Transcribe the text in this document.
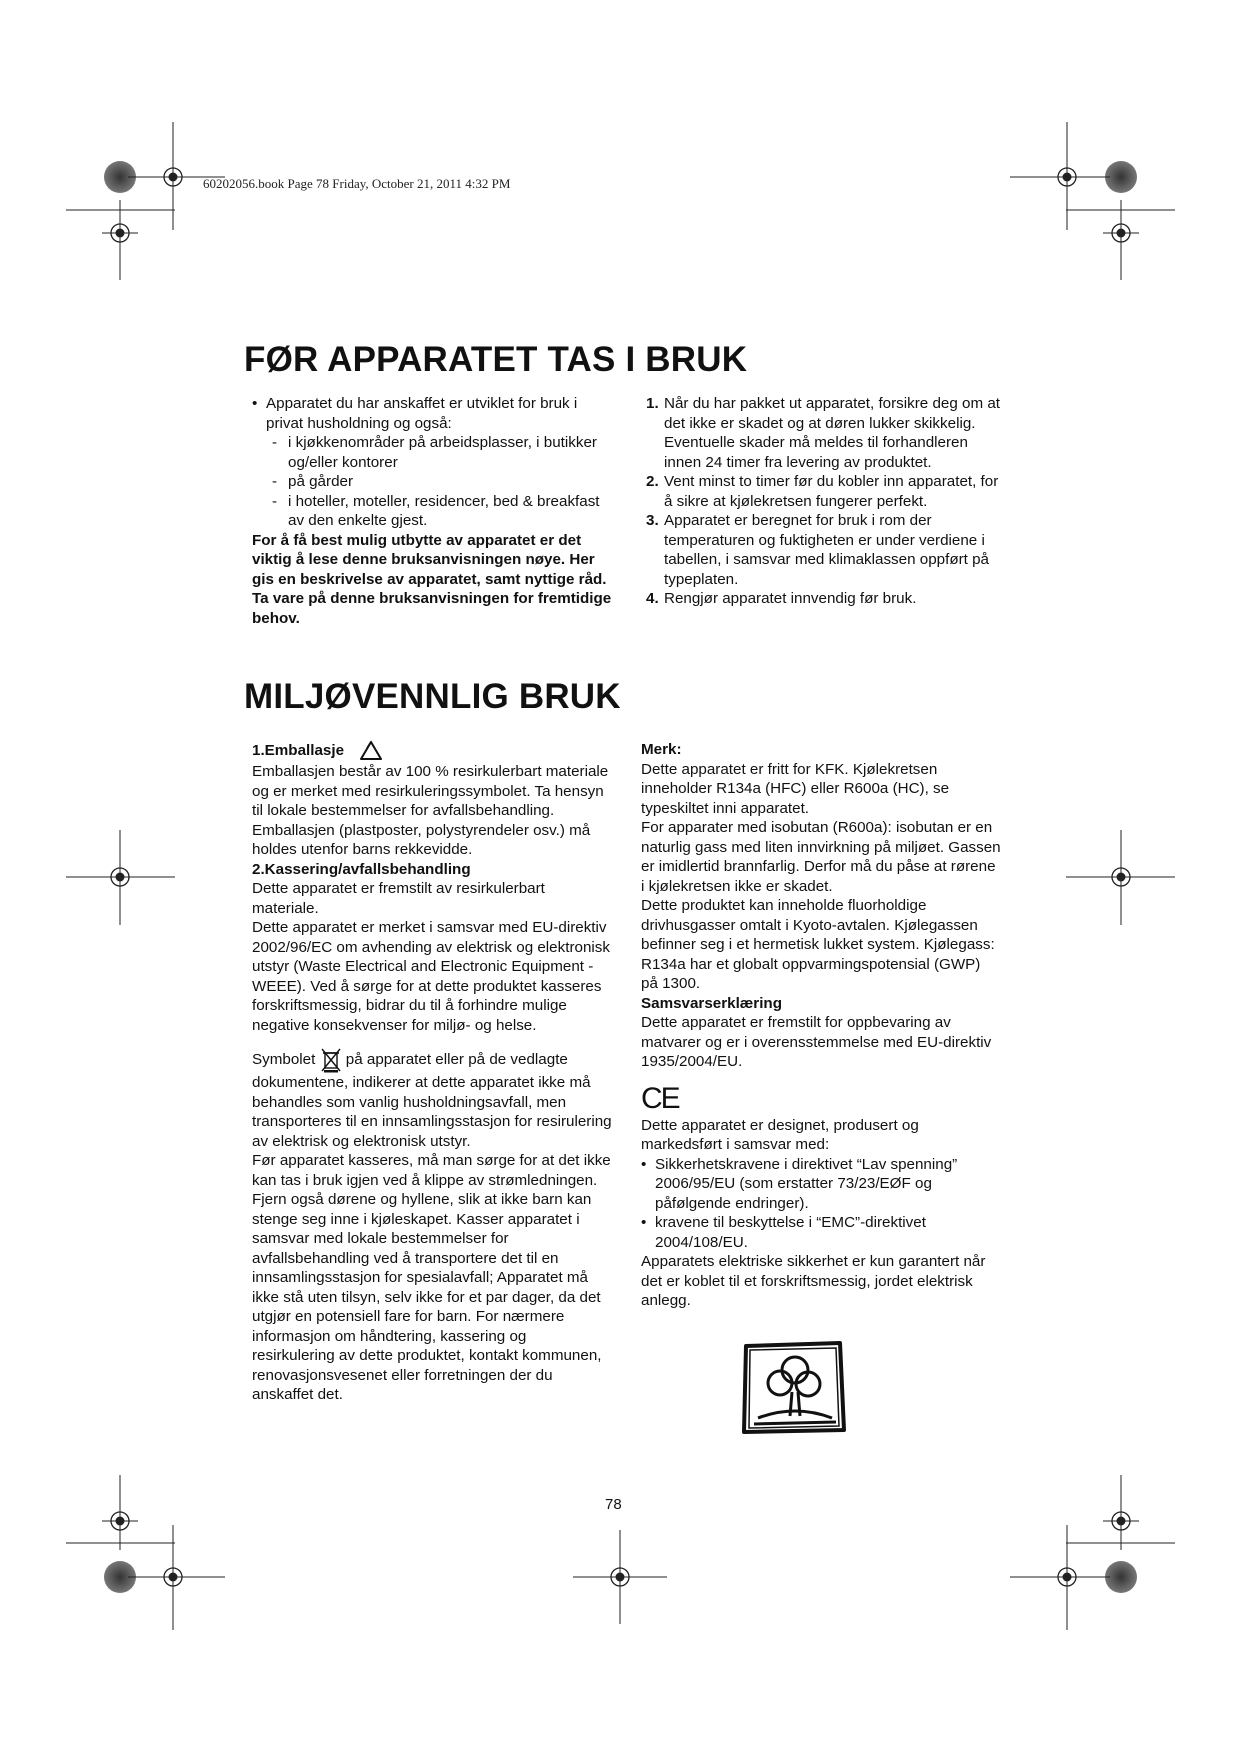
60202056.book Page 78 Friday, October 21, 2011 4:32 PM
FØR APPARATET TAS I BRUK
• Apparatet du har anskaffet er utviklet for bruk i privat husholdning og også:
- i kjøkkenområder på arbeidsplasser, i butikker og/eller kontorer
- på gårder
- i hoteller, moteller, residencer, bed & breakfast av den enkelte gjest.

For å få best mulig utbytte av apparatet er det viktig å lese denne bruksanvisningen nøye. Her gis en beskrivelse av apparatet, samt nyttige råd.

Ta vare på denne bruksanvisningen for fremtidige behov.

1. Når du har pakket ut apparatet, forsikre deg om at det ikke er skadet og at døren lukker skikkelig. Eventuelle skader må meldes til forhandleren innen 24 timer fra levering av produktet.
2. Vent minst to timer før du kobler inn apparatet, for å sikre at kjølekretsen fungerer perfekt.
3. Apparatet er beregnet for bruk i rom der temperaturen og fuktigheten er under verdiene i tabellen, i samsvar med klimaklassen oppført på typeplaten.
4. Rengjør apparatet innvendig før bruk.
MILJØVENNLIG BRUK

1.Emballasje

Emballasjen består av 100 % resirkulerbart materiale

og er merket med resirkuleringssymbolet. Ta hensyn til lokale bestemmelser for avfallsbehandling.

Emballasjen (plastposter, polystyrendeler osv.) må holdes utenfor barns rekkevidde.

2.Kassering/avfallsbehandling

Dette apparatet er fremstilt av resirkulerbart materiale.

Dette apparatet er merket i samsvar med EU-direktiv 2002/96/EC om avhending av elektrisk og elektronisk utstyr (Waste Electrical and Electronic Equipment - WEEE). Ved å sørge for at dette produktet kasseres forskriftsmessig, bidrar du til å forhindre mulige negative konsekvenser for miljø- og helse.

Symbolet på apparatet eller på de vedlagte dokumentene, indikerer at dette apparatet ikke må behandles som vanlig husholdningsavfall, men transporteres til en innsamlingsstasjon for resirulering av elektrisk og elektronisk utstyr.

Før apparatet kasseres, må man sørge for at det ikke kan tas i bruk igjen ved å klippe av strømledningen. Fjern også dørene og hyllene, slik at ikke barn kan stenge seg inne i kjøleskapet. Kasser apparatet i samsvar med lokale bestemmelser for avfallsbehandling ved å transportere det til en innsamlingsstasjon for spesialavfall; Apparatet må ikke stå uten tilsyn, selv ikke for et par dager, da det utgjør en potensiell fare for barn. For nærmere informasjon om håndtering, kassering og resirkulering av dette produktet, kontakt kommunen, renovasjonsvesenet eller forretningen der du anskaffet det.

Merk:

Dette apparatet er fritt for KFK. Kjølekretsen inneholder R134a (HFC) eller R600a (HC), se typeskiltet inni apparatet.

For apparater med isobutan (R600a): isobutan er en naturlig gass med liten innvirkning på miljøet. Gassen er imidlertid brannfarlig. Derfor må du påse at rørene i kjølekretsen ikke er skadet.

Dette produktet kan inneholde fluorholdige drivhusgasser omtalt i Kyoto-avtalen. Kjølegassen befinner seg i et hermetisk lukket system. Kjølegass: R134a har et globalt oppvarmingspotensial (GWP) på 1300.

Samsvarserklæring

Dette apparatet er fremstilt for oppbevaring av matvarer og er i overensstemmelse med EU-direktiv 1935/2004/EU.

CE

Dette apparatet er designet, produsert og markedsført i samsvar med:

• Sikkerhetskravene i direktivet “Lav spenning” 2006/95/EU (som erstatter 73/23/EØF og påfølgende endringer).
• kravene til beskyttelse i “EMC”-direktivet 2004/108/EU.

Apparatets elektriske sikkerhet er kun garantert når det er koblet til et forskriftsmessig, jordet elektrisk anlegg.

78
